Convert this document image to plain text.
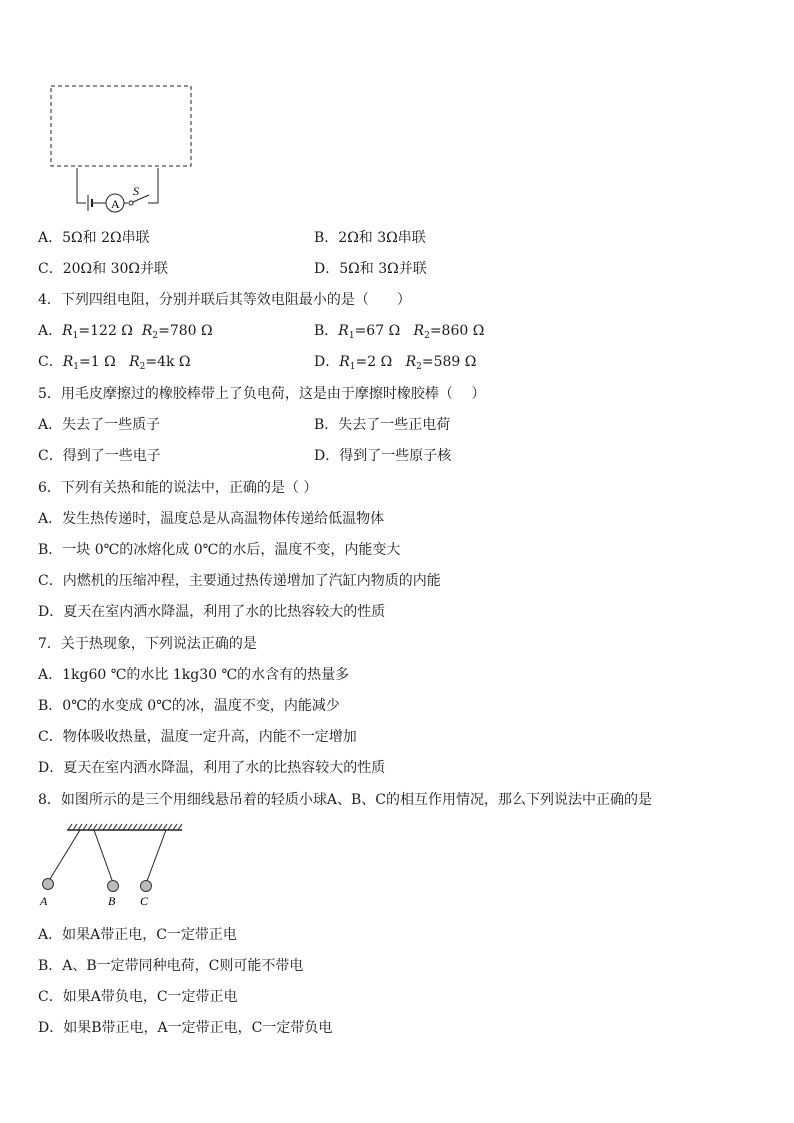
A
S
A．5Ω和 2Ω串联	B．2Ω和 3Ω串联
C．20Ω和 30Ω并联	D．5Ω和 3Ω并联
4．下列四组电阻，分别并联后其等效电阻最小的是（　　）
A．$R_1=122$ Ω $R_2=780$ Ω	B．$R_1=67$ Ω $R_2=860$ Ω
C．$R_1=1$ Ω $R_2=4k$ Ω	D．$R_1=2$ Ω $R_2=589$ Ω
5．用毛皮摩擦过的橡胶棒带上了负电荷，这是由于摩擦时橡胶棒（　 ）
A．失去了一些质子	B．失去了一些正电荷
C．得到了一些电子	D．得到了一些原子核
6．下列有关热和能的说法中，正确的是（ ）
A．发生热传递时，温度总是从高温物体传递给低温物体
B．一块 0℃的冰熔化成 0℃的水后，温度不变，内能变大
C．内燃机的压缩冲程，主要通过热传递增加了汽缸内物质的内能
D．夏天在室内洒水降温，利用了水的比热容较大的性质
7．关于热现象，下列说法正确的是
A．1kg60 ℃的水比 1kg30 ℃的水含有的热量多
B．0℃的水变成 0℃的冰，温度不变，内能减少
C．物体吸收热量，温度一定升高，内能不一定增加
D．夏天在室内洒水降温，利用了水的比热容较大的性质
8．如图所示的是三个用细线悬吊着的轻质小球A、B、C的相互作用情况，那么下列说法中正确的是
A	B C
A．如果A带正电，C一定带正电
B．A、B一定带同种电荷，C则可能不带电
C．如果A带负电，C一定带正电
D．如果B带正电，A一定带正电，C一定带负电
